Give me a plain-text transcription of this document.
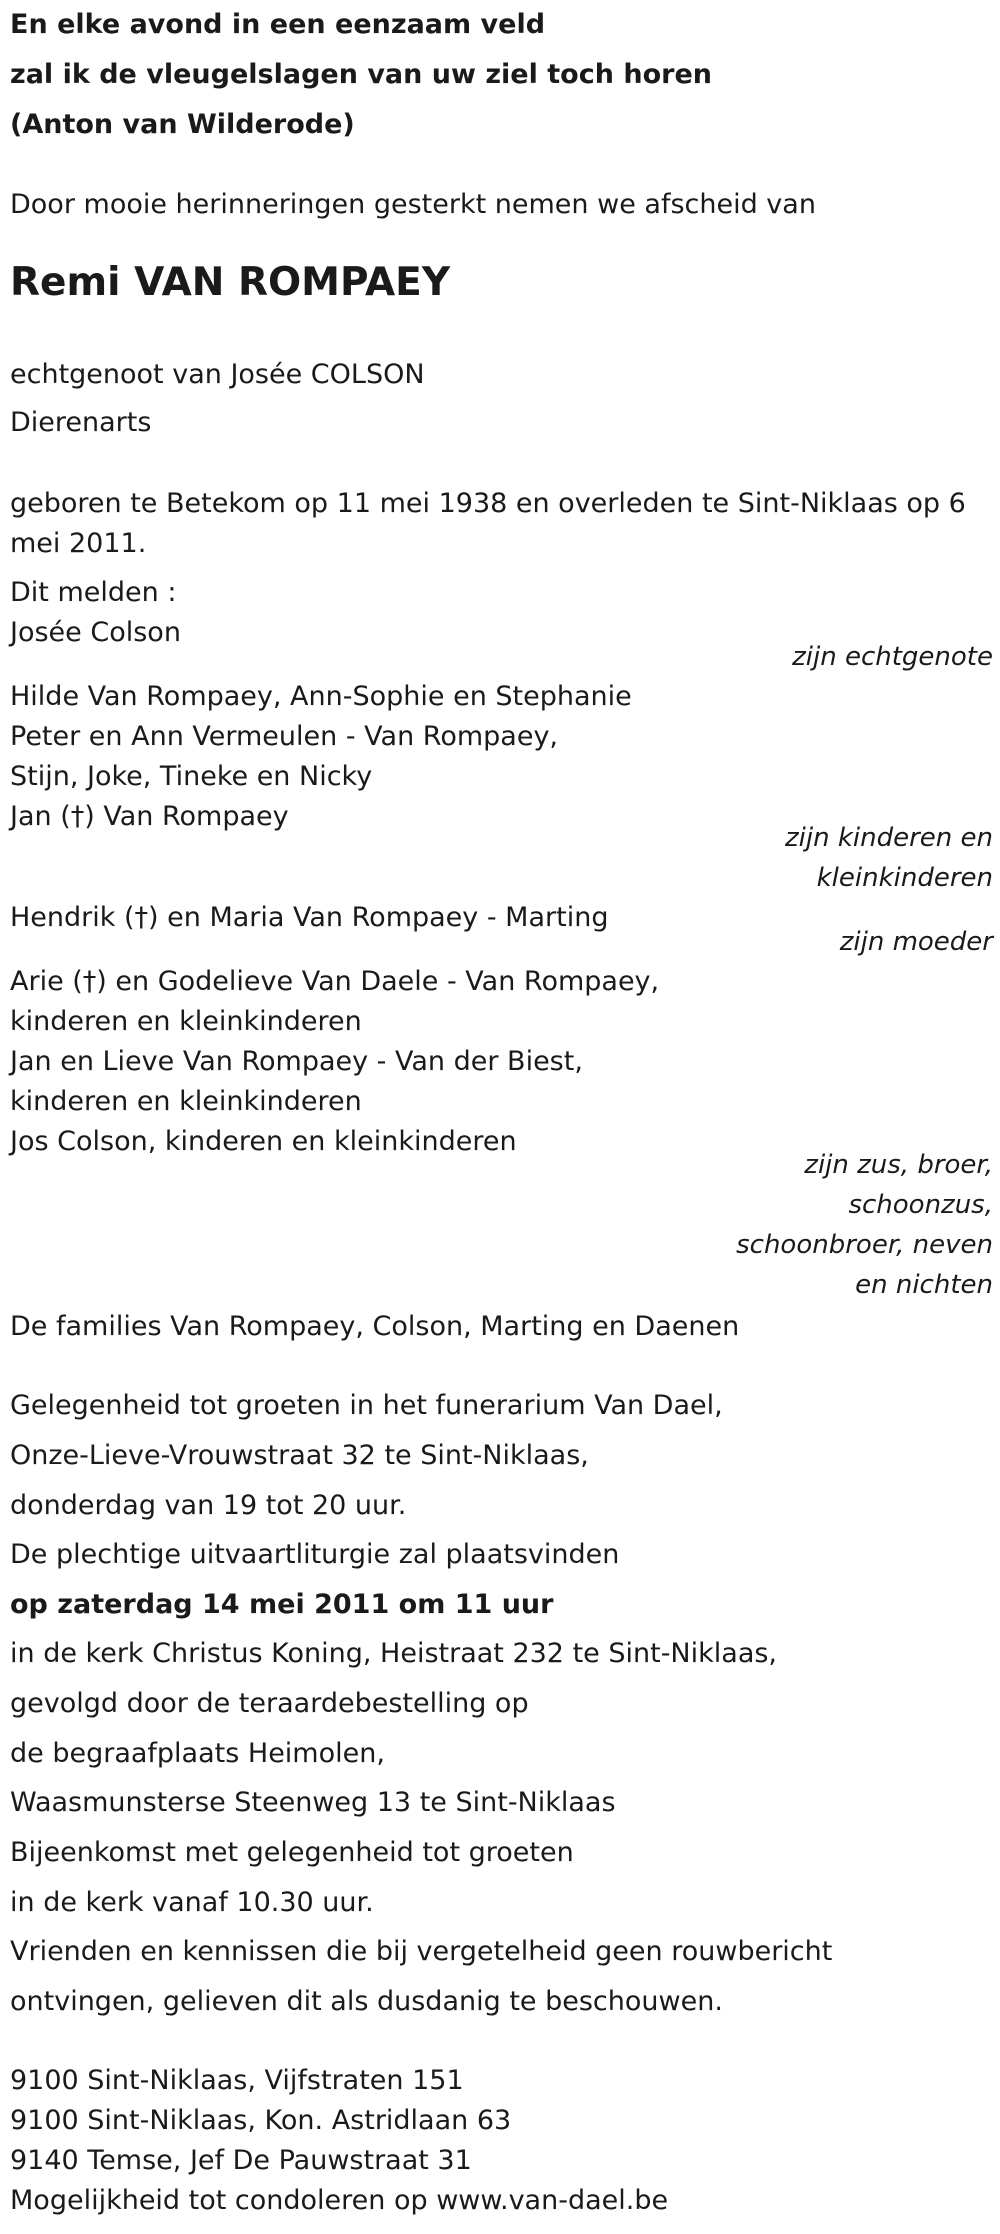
En elke avond in een eenzaam veld
zal ik de vleugelslagen van uw ziel toch horen
(Anton van Wilderode)
Door mooie herinneringen gesterkt nemen we afscheid van
Remi VAN ROMPAEY
echtgenoot van Josée COLSON
Dierenarts
geboren te Betekom op 11 mei 1938 en overleden te Sint-Niklaas op 6
mei 2011.
Dit melden :
Josée Colson
zijn echtgenote
Hilde Van Rompaey, Ann-Sophie en Stephanie
Peter en Ann Vermeulen - Van Rompaey,
Stijn, Joke, Tineke en Nicky
Jan (†) Van Rompaey
zijn kinderen en
kleinkinderen
Hendrik (†) en Maria Van Rompaey - Marting
zijn moeder
Arie (†) en Godelieve Van Daele - Van Rompaey,
kinderen en kleinkinderen
Jan en Lieve Van Rompaey - Van der Biest,
kinderen en kleinkinderen
Jos Colson, kinderen en kleinkinderen
zijn zus, broer,
schoonzus,
schoonbroer, neven
en nichten
De families Van Rompaey, Colson, Marting en Daenen
Gelegenheid tot groeten in het funerarium Van Dael,
Onze-Lieve-Vrouwstraat 32 te Sint-Niklaas,
donderdag van 19 tot 20 uur.
De plechtige uitvaartliturgie zal plaatsvinden
op zaterdag 14 mei 2011 om 11 uur
in de kerk Christus Koning, Heistraat 232 te Sint-Niklaas,
gevolgd door de teraardebestelling op
de begraafplaats Heimolen,
Waasmunsterse Steenweg 13 te Sint-Niklaas
Bijeenkomst met gelegenheid tot groeten
in de kerk vanaf 10.30 uur.
Vrienden en kennissen die bij vergetelheid geen rouwbericht
ontvingen, gelieven dit als dusdanig te beschouwen.
9100 Sint-Niklaas, Vijfstraten 151
9100 Sint-Niklaas, Kon. Astridlaan 63
9140 Temse, Jef De Pauwstraat 31
Mogelijkheid tot condoleren op www.van-dael.be
